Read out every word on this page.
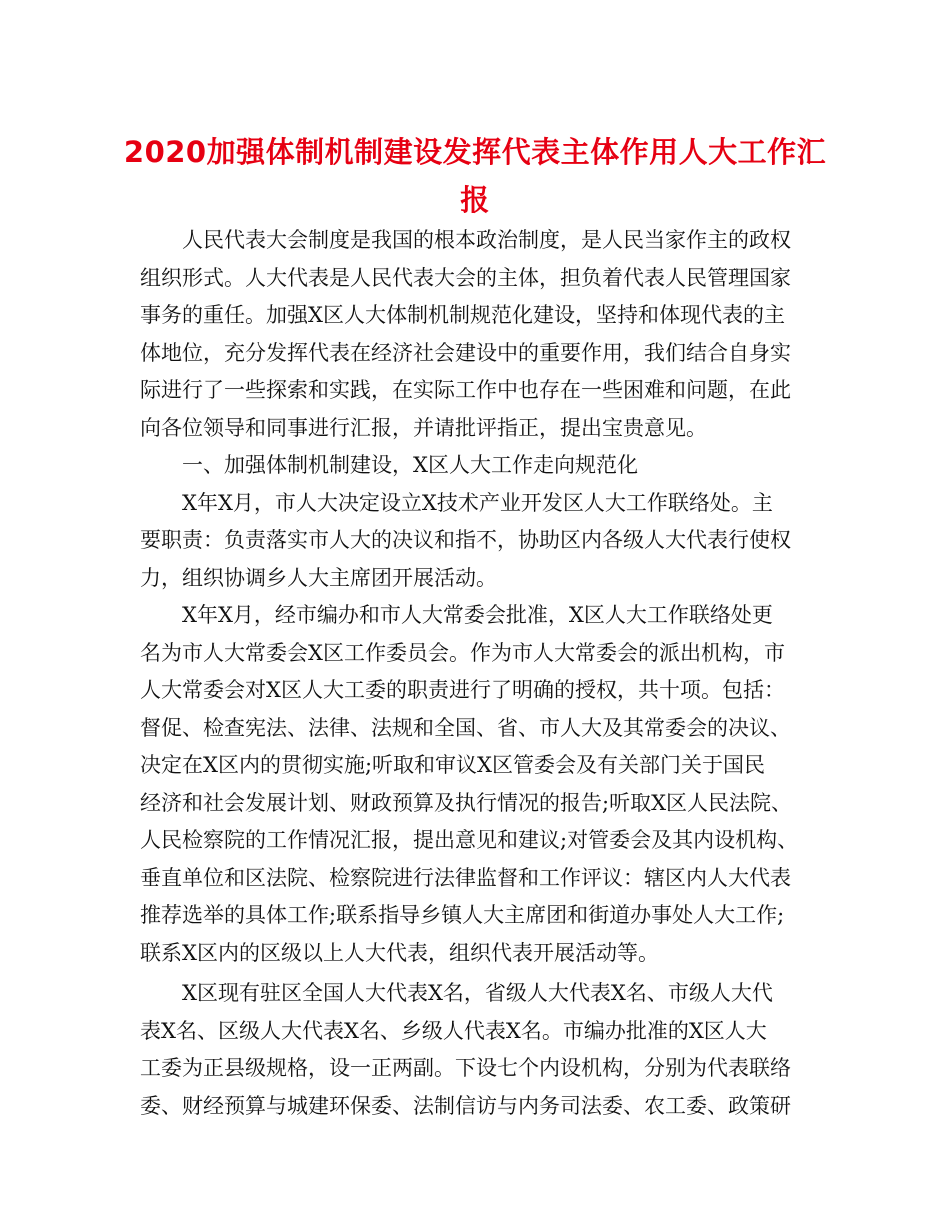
2020加强体制机制建设发挥代表主体作用人大工作汇
报
人民代表大会制度是我国的根本政治制度，是人民当家作主的政权
组织形式。人大代表是人民代表大会的主体，担负着代表人民管理国家
事务的重任。加强X区人大体制机制规范化建设，坚持和体现代表的主
体地位，充分发挥代表在经济社会建设中的重要作用，我们结合自身实
际进行了一些探索和实践，在实际工作中也存在一些困难和问题，在此
向各位领导和同事进行汇报，并请批评指正，提出宝贵意见。
一、加强体制机制建设，X区人大工作走向规范化
X年X月，市人大决定设立X技术产业开发区人大工作联络处。主
要职责：负责落实市人大的决议和指不，协助区内各级人大代表行使权
力，组织协调乡人大主席团开展活动。
X年X月，经市编办和市人大常委会批准，X区人大工作联络处更
名为市人大常委会X区工作委员会。作为市人大常委会的派出机构，市
人大常委会对X区人大工委的职责进行了明确的授权，共十项。包括：
督促、检查宪法、法律、法规和全国、省、市人大及其常委会的决议、
决定在X区内的贯彻实施;听取和审议X区管委会及有关部门关于国民
经济和社会发展计划、财政预算及执行情况的报告;听取X区人民法院、
人民检察院的工作情况汇报，提出意见和建议;对管委会及其内设机构、
垂直单位和区法院、检察院进行法律监督和工作评议：辖区内人大代表
推荐选举的具体工作;联系指导乡镇人大主席团和街道办事处人大工作;
联系X区内的区级以上人大代表，组织代表开展活动等。
X区现有驻区全国人大代表X名，省级人大代表X名、市级人大代
表X名、区级人大代表X名、乡级人代表X名。市编办批准的X区人大
工委为正县级规格，设一正两副。下设七个内设机构，分别为代表联络
委、财经预算与城建环保委、法制信访与内务司法委、农工委、政策研
